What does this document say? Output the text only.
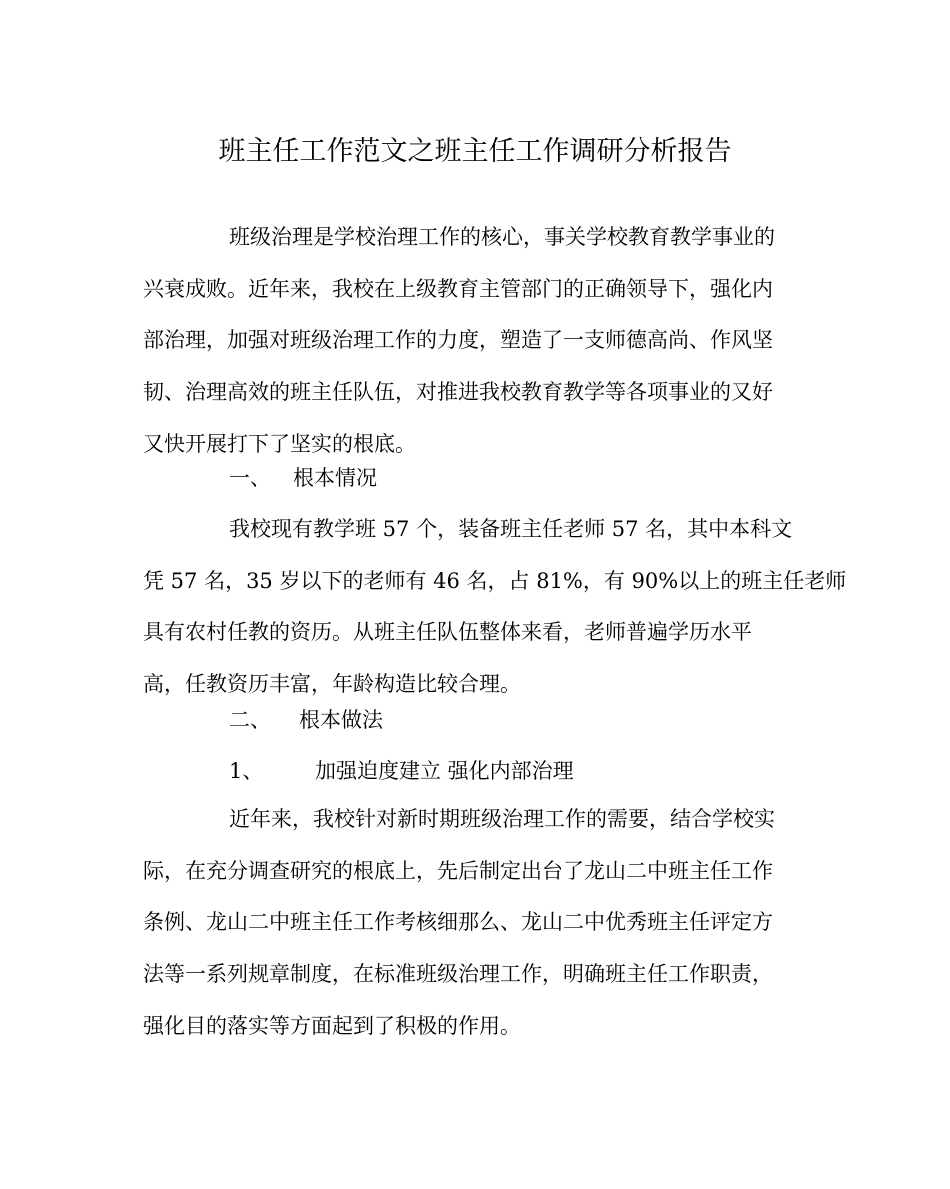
班主任工作范文之班主任工作调研分析报告
班级治理是学校治理工作的核心，事关学校教育教学事业的
兴衰成败。近年来，我校在上级教育主管部门的正确领导下，强化内
部治理，加强对班级治理工作的力度，塑造了一支师德高尚、作风坚
韧、治理高效的班主任队伍，对推进我校教育教学等各项事业的又好
又快开展打下了坚实的根底。
一、 根本情况
我校现有教学班 57 个，装备班主任老师 57 名，其中本科文
凭 57 名，35 岁以下的老师有 46 名，占 81%，有 90%以上的班主任老师
具有农村任教的资历。从班主任队伍整体来看，老师普遍学历水平
高，任教资历丰富，年龄构造比较合理。
二、 根本做法
1、 加强迫度建立 强化内部治理
近年来，我校针对新时期班级治理工作的需要，结合学校实
际，在充分调查研究的根底上，先后制定出台了龙山二中班主任工作
条例、龙山二中班主任工作考核细那么、龙山二中优秀班主任评定方
法等一系列规章制度，在标准班级治理工作，明确班主任工作职责，
强化目的落实等方面起到了积极的作用。
